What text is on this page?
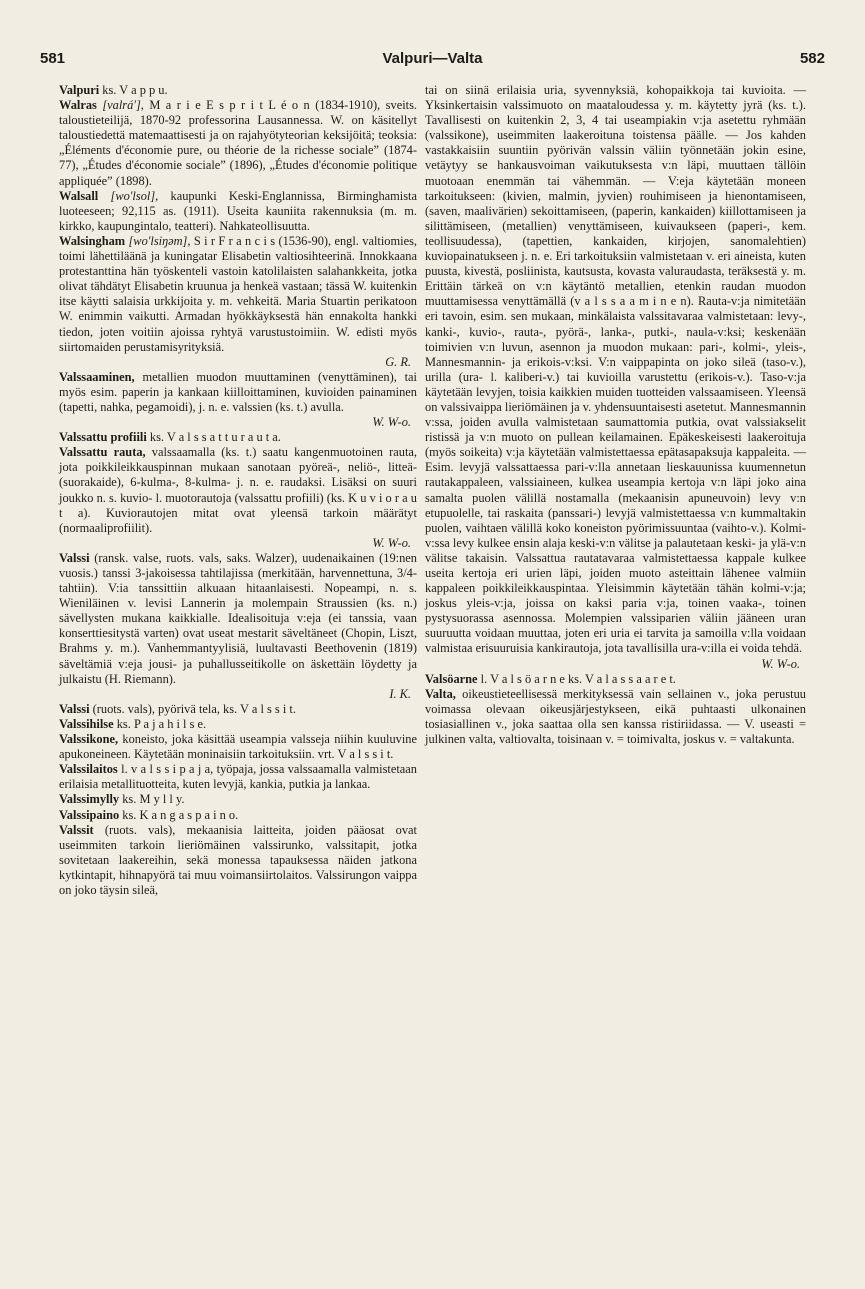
581	Valpuri—Valta	582

Valpuri ks. V a p p u.

Walras [valrá'], M a r i e E s p r i t L é o n (1834-1910), sveits. taloustieteilijä, 1870-92 professorina Lausannessa. W. on käsitellyt taloustiedettä matemaattisesti ja on rajahyötyteorian keksijöitä; teoksia: „Éléments d'économie pure, ou théorie de la richesse sociale” (1874-77), „Études d'économie sociale” (1896), „Études d'économie politique appliquée” (1898).

Walsall [wo'lsol], kaupunki Keski-Englannissa, Birminghamista luoteeseen; 92,115 as. (1911). Useita kauniita rakennuksia (m. m. kirkko, kaupungintalo, teatteri). Nahkateollisuutta.

Walsingham [wo'lsiŋəm], S i r F r a n c i s (1536-90), engl. valtiomies, toimi lähettiläänä ja kuningatar Elisabetin valtiosihteerinä. Innokkaana protestanttina hän työskenteli vastoin katolilaisten salahankkeita, jotka olivat tähdätyt Elisabetin kruunua ja henkeä vastaan; tässä W. kuitenkin itse käytti salaisia urkkijoita y. m. vehkeitä. Maria Stuartin perikatoon W. enimmin vaikutti. Armadan hyökkäyksestä hän ennakolta hankki tiedon, joten voitiin ajoissa ryhtyä varustustoimiin. W. edisti myös siirtomaiden perustamisyrityksiä.
G. R.

Valssaaminen, metallien muodon muuttaminen (venyttäminen), tai myös esim. paperin ja kankaan kiilloittaminen, kuvioiden painaminen (tapetti, nahka, pegamoidi), j. n. e. valssien (ks. t.) avulla.
W. W-o.

Valssattu profiili ks. V a l s s a t t u r a u t a.

Valssattu rauta, valssaamalla (ks. t.) saatu kangenmuotoinen rauta, jota poikkileikkauspinnan mukaan sanotaan pyöreä-, neliö-, litteä- (suorakaide), 6-kulma-, 8-kulma- j. n. e. raudaksi. Lisäksi on suuri joukko n. s. kuvio- l. muotorautoja (valssattu profiili) (ks. K u v i o r a u t a). Kuviorautojen mitat ovat yleensä tarkoin määrätyt (normaaliprofiilit).
W. W-o.

Valssi (ransk. valse, ruots. vals, saks. Walzer), uudenaikainen (19:nen vuosis.) tanssi 3-jakoisessa tahtilajissa (merkitään, harvennettuna, 3/4-tahtiin). V:ia tanssittiin alkuaan hitaanlaisesti. Nopeampi, n. s. Wieniläinen v. levisi Lannerin ja molempain Straussien (ks. n.) sävellysten mukana kaikkialle. Idealisoituja v:eja (ei tanssia, vaan konserttiesitystä varten) ovat useat mestarit säveltäneet (Chopin, Liszt, Brahms y. m.). Vanhemmantyylisiä, luultavasti Beethovenin (1819) säveltämiä v:eja jousi- ja puhallusseitikolle on äskettäin löydetty ja julkaistu (H. Riemann).
I. K.

Valssi (ruots. vals), pyörivä tela, ks. V a l s s i t.

Valssihilse ks. P a j a h i l s e.

Valssikone, koneisto, joka käsittää useampia valsseja niihin kuuluvine apukoneineen. Käytetään moninaisiin tarkoituksiin. vrt. V a l s s i t.

Valssilaitos l. v a l s s i p a j a, työpaja, jossa valssaamalla valmistetaan erilaisia metallituotteita, kuten levyjä, kankia, putkia ja lankaa.

Valssimylly ks. M y l l y.

Valssipaino ks. K a n g a s p a i n o.

Valssit (ruots. vals), mekaanisia laitteita, joiden pääosat ovat useimmiten tarkoin lieriömäinen valssirunko, valssitapit, jotka sovitetaan laakereihin, sekä monessa tapauksessa näiden jatkona kytkintapit, hihnapyörä tai muu voimansiirtolaitos. Valssirungon vaippa on joko täysin sileä,

tai on siinä erilaisia uria, syvennyksiä, kohopaikkoja tai kuvioita. — Yksinkertaisin valssimuoto on maataloudessa y. m. käytetty jyrä (ks. t.). Tavallisesti on kuitenkin 2, 3, 4 tai useampiakin v:ja asetettu ryhmään (valssikone), useimmiten laakeroituna toistensa päälle. — Jos kahden vastakkaisiin suuntiin pyörivän valssin väliin työnnetään jokin esine, vetäytyy se hankausvoiman vaikutuksesta v:n läpi, muuttaen tällöin muotoaan enemmän tai vähemmän. — V:eja käytetään moneen tarkoitukseen: (kivien, malmin, jyvien) rouhimiseen ja hienontamiseen, (saven, maalivärien) sekoittamiseen, (paperin, kankaiden) kiillottamiseen ja silittämiseen, (metallien) venyttämiseen, kuivaukseen (paperi-, kem. teollisuudessa), (tapettien, kankaiden, kirjojen, sanomalehtien) kuviopainatukseen j. n. e. Eri tarkoituksiin valmistetaan v. eri aineista, kuten puusta, kivestä, posliinista, kautsusta, kovasta valuraudasta, teräksestä y. m. Erittäin tärkeä on v:n käytäntö metallien, etenkin raudan muodon muuttamisessa venyttämällä (v a l s s a a m i n e n). Rauta-v:ja nimitetään eri tavoin, esim. sen mukaan, minkälaista valssitavaraa valmistetaan: levy-, kanki-, kuvio-, rauta-, pyörä-, lanka-, putki-, naula-v:ksi; keskenään toimivien v:n luvun, asennon ja muodon mukaan: pari-, kolmi-, yleis-, Mannesmannin- ja erikois-v:ksi. V:n vaippapinta on joko sileä (taso-v.), urilla (ura- l. kaliberi-v.) tai kuvioilla varustettu (erikois-v.). Taso-v:ja käytetään levyjen, toisia kaikkien muiden tuotteiden valssaamiseen. Yleensä on valssivaippa lieriömäinen ja v. yhdensuuntaisesti asetetut. Mannesmannin v:ssa, joiden avulla valmistetaan saumattomia putkia, ovat valssiakselit ristissä ja v:n muoto on pullean keilamainen. Epäkeskeisesti laakeroituja (myös soikeita) v:ja käytetään valmistettaessa epätasapaksuja kappaleita. — Esim. levyjä valssattaessa pari-v:lla annetaan lieskauunissa kuumennetun rautakappaleen, valssiaineen, kulkea useampia kertoja v:n läpi joko aina samalta puolen välillä nostamalla (mekaanisin apuneuvoin) levy v:n etupuolelle, tai raskaita (panssari-) levyjä valmistettaessa v:n kummaltakin puolen, vaihtaen välillä koko koneiston pyörimissuuntaa (vaihto-v.). Kolmi-v:ssa levy kulkee ensin alaja keski-v:n välitse ja palautetaan keski- ja ylä-v:n välitse takaisin. Valssattua rautatavaraa valmistettaessa kappale kulkee useita kertoja eri urien läpi, joiden muoto asteittain lähenee valmiin kappaleen poikkileikkauspintaa. Yleisimmin käytetään tähän kolmi-v:ja; joskus yleis-v:ja, joissa on kaksi paria v:ja, toinen vaaka-, toinen pystysuorassa asennossa. Molempien valssiparien väliin jääneen uran suuruutta voidaan muuttaa, joten eri uria ei tarvita ja samoilla v:lla voidaan valmistaa erisuuruisia kankirautoja, jota tavallisilla ura-v:illa ei voida tehdä.
W. W-o.

Valsöarne l. V a l s ö a r n e ks. V a l a s s a a r e t.

Valta, oikeustieteellisessä merkityksessä vain sellainen v., joka perustuu voimassa olevaan oikeusjärjestykseen, eikä puhtaasti ulkonainen tosiasiallinen v., joka saattaa olla sen kanssa ristiriidassa. — V. useasti = julkinen valta, valtiovalta, toisinaan v. = toimivalta, joskus v. = valtakunta.
